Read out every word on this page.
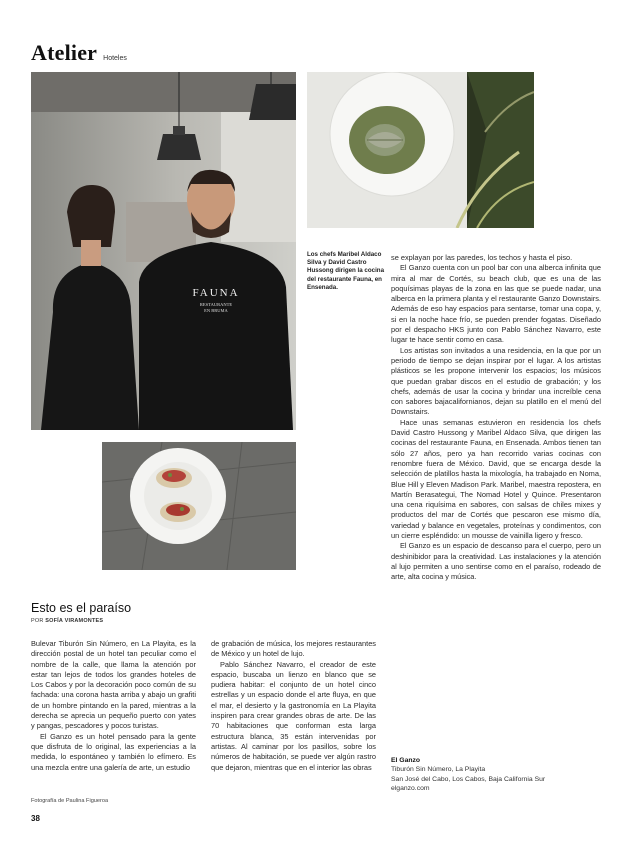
Atelier Hoteles
FAUNA
RESTAURANTE
EN BRUMA
Los chefs Maribel Aldaco Silva y David Castro Hussong dirigen la cocina del restaurante Fauna, en Ensenada.
Esto es el paraíso
POR SOFÍA VIRAMONTES

Bulevar Tiburón Sin Número, en La Playita, es la dirección postal de un hotel tan peculiar como el nombre de la calle, que llama la atención por estar tan lejos de todos los grandes hoteles de Los Cabos y por la decoración poco común de su fachada: una corona hasta arriba y abajo un grafiti de un hombre pintando en la pared, mientras a la derecha se aprecia un pequeño puerto con yates y pangas, pescadores y pocos turistas.

El Ganzo es un hotel pensado para la gente que disfruta de lo original, las experiencias a la medida, lo espontáneo y también lo efímero. Es una mezcla entre una galería de arte, un estudio

de grabación de música, los mejores restaurantes de México y un hotel de lujo.

Pablo Sánchez Navarro, el creador de este espacio, buscaba un lienzo en blanco que se pudiera habitar: el conjunto de un hotel cinco estrellas y un espacio donde el arte fluya, en que el mar, el desierto y la gastronomía en La Playita inspiren para crear grandes obras de arte. De las 70 habitaciones que conforman esta larga estructura blanca, 35 están intervenidas por artistas. Al caminar por los pasillos, sobre los números de habitación, se puede ver algún rastro que dejaron, mientras que en el interior las obras

se explayan por las paredes, los techos y hasta el piso.

El Ganzo cuenta con un pool bar con una alberca infinita que mira al mar de Cortés, su beach club, que es una de las poquísimas playas de la zona en las que se puede nadar, una alberca en la primera planta y el restaurante Ganzo Downstairs. Además de eso hay espacios para sentarse, tomar una copa, y, si en la noche hace frío, se pueden prender fogatas. Diseñado por el despacho HKS junto con Pablo Sánchez Navarro, este lugar te hace sentir como en casa.

Los artistas son invitados a una residencia, en la que por un periodo de tiempo se dejan inspirar por el lugar. A los artistas plásticos se les propone intervenir los espacios; los músicos que puedan grabar discos en el estudio de grabación; y los chefs, además de usar la cocina y brindar una increíble cena con sabores bajacalifornianos, dejan su platillo en el menú del Downstairs.

Hace unas semanas estuvieron en residencia los chefs David Castro Hussong y Maribel Aldaco Silva, que dirigen las cocinas del restaurante Fauna, en Ensenada. Ambos tienen tan sólo 27 años, pero ya han recorrido varias cocinas con renombre fuera de México. David, que se encarga desde la selección de platillos hasta la mixología, ha trabajado en Noma, Blue Hill y Eleven Madison Park. Maribel, maestra repostera, en Martín Berasategui, The Nomad Hotel y Quince. Presentaron una cena riquísima en sabores, con salsas de chiles mixes y productos del mar de Cortés que pescaron ese mismo día, variedad y balance en vegetales, proteínas y condimentos, con un cierre espléndido: un mousse de vainilla ligero y fresco.

El Ganzo es un espacio de descanso para el cuerpo, pero un deshinibidor para la creatividad. Las instalaciones y la atención al lujo permiten a uno sentirse como en el paraíso, rodeado de arte, alta cocina y música.

El Ganzo
Tiburón Sin Número, La Playita
San José del Cabo, Los Cabos, Baja California Sur
elganzo.com
Fotografía de Paulina Figueroa
38
